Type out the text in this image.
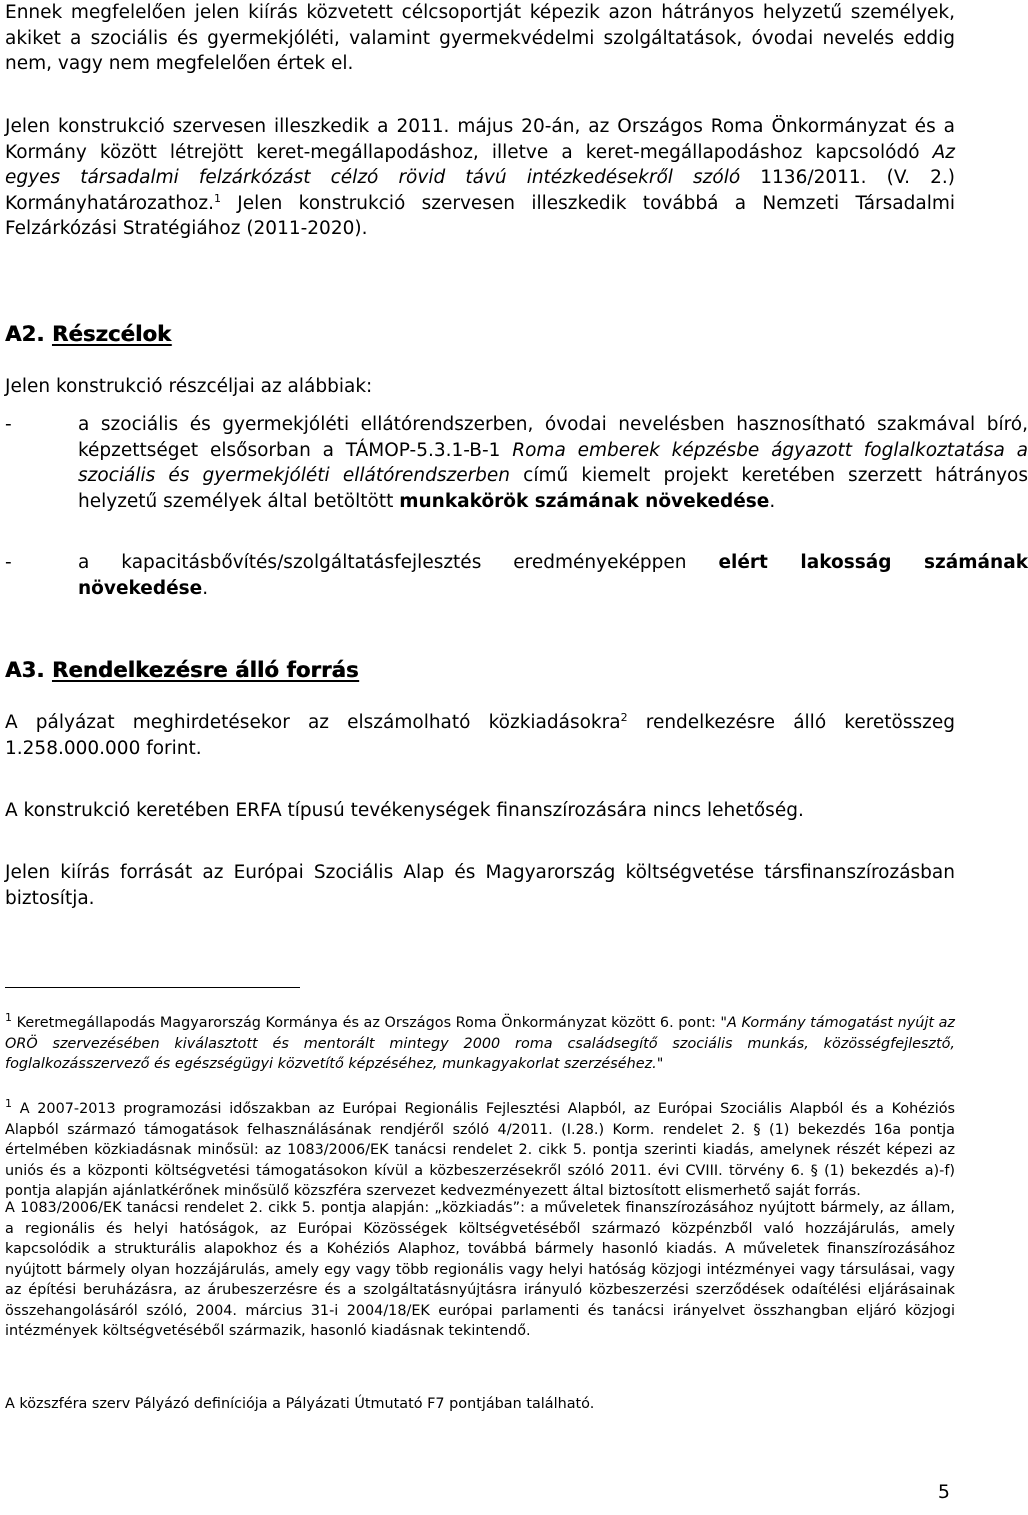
Ennek megfelelően jelen kiírás közvetett célcsoportját képezik azon hátrányos helyzetű személyek, akiket a szociális és gyermekjóléti, valamint gyermekvédelmi szolgáltatások, óvodai nevelés eddig nem, vagy nem megfelelően értek el.

Jelen konstrukció szervesen illeszkedik a 2011. május 20-án, az Országos Roma Önkormányzat és a Kormány között létrejött keret-megállapodáshoz, illetve a keret-megállapodáshoz kapcsolódó Az egyes társadalmi felzárkózást célzó rövid távú intézkedésekről szóló 1136/2011. (V. 2.) Kormányhatározathoz.$^1$ Jelen konstrukció szervesen illeszkedik továbbá a Nemzeti Társadalmi Felzárkózási Stratégiához (2011-2020).

A2. Részcélok

Jelen konstrukció részcéljai az alábbiak:

-	a szociális és gyermekjóléti ellátórendszerben, óvodai nevelésben hasznosítható szakmával bíró, képzettséget elsősorban a TÁMOP-5.3.1-B-1 Roma emberek képzésbe ágyazott foglalkoztatása a szociális és gyermekjóléti ellátórendszerben című kiemelt projekt keretében szerzett hátrányos helyzetű személyek által betöltött munkakörök számának növekedése.
-	a kapacitásbővítés/szolgáltatásfejlesztés eredményeképpen elért lakosság számának növekedése.
A3. Rendelkezésre álló forrás

A pályázat meghirdetésekor az elszámolható közkiadásokra$^2$ rendelkezésre álló keretösszeg 1.258.000.000 forint.

A konstrukció keretében ERFA típusú tevékenységek finanszírozására nincs lehetőség.

Jelen kiírás forrását az Európai Szociális Alap és Magyarország költségvetése társfinanszírozásban biztosítja.

$^1$ Keretmegállapodás Magyarország Kormánya és az Országos Roma Önkormányzat között 6. pont: "A Kormány támogatást nyújt az ORÖ szervezésében kiválasztott és mentorált mintegy 2000 roma családsegítő szociális munkás, közösségfejlesztő, foglalkozásszervező és egészségügyi közvetítő képzéséhez, munkagyakorlat szerzéséhez."

$^1$ A 2007-2013 programozási időszakban az Európai Regionális Fejlesztési Alapból, az Európai Szociális Alapból és a Kohéziós Alapból származó támogatások felhasználásának rendjéről szóló 4/2011. (I.28.) Korm. rendelet 2. § (1) bekezdés 16a pontja értelmében közkiadásnak minősül: az 1083/2006/EK tanácsi rendelet 2. cikk 5. pontja szerinti kiadás, amelynek részét képezi az uniós és a központi költségvetési támogatásokon kívül a közbeszerzésekről szóló 2011. évi CVIII. törvény 6. § (1) bekezdés a)-f) pontja alapján ajánlatkérőnek minősülő közszféra szervezet kedvezményezett által biztosított elismerhető saját forrás.

A 1083/2006/EK tanácsi rendelet 2. cikk 5. pontja alapján: „közkiadás”: a műveletek finanszírozásához nyújtott bármely, az állam, a regionális és helyi hatóságok, az Európai Közösségek költségvetéséből származó közpénzből való hozzájárulás, amely kapcsolódik a strukturális alapokhoz és a Kohéziós Alaphoz, továbbá bármely hasonló kiadás. A műveletek finanszírozásához nyújtott bármely olyan hozzájárulás, amely egy vagy több regionális vagy helyi hatóság közjogi intézményei vagy társulásai, vagy az építési beruházásra, az árubeszerzésre és a szolgáltatásnyújtásra irányuló közbeszerzési szerződések odaítélési eljárásainak összehangolásáról szóló, 2004. március 31-i 2004/18/EK európai parlamenti és tanácsi irányelvet összhangban eljáró közjogi intézmények költségvetéséből származik, hasonló kiadásnak tekintendő.

A közszféra szerv Pályázó definíciója a Pályázati Útmutató F7 pontjában található.

5
